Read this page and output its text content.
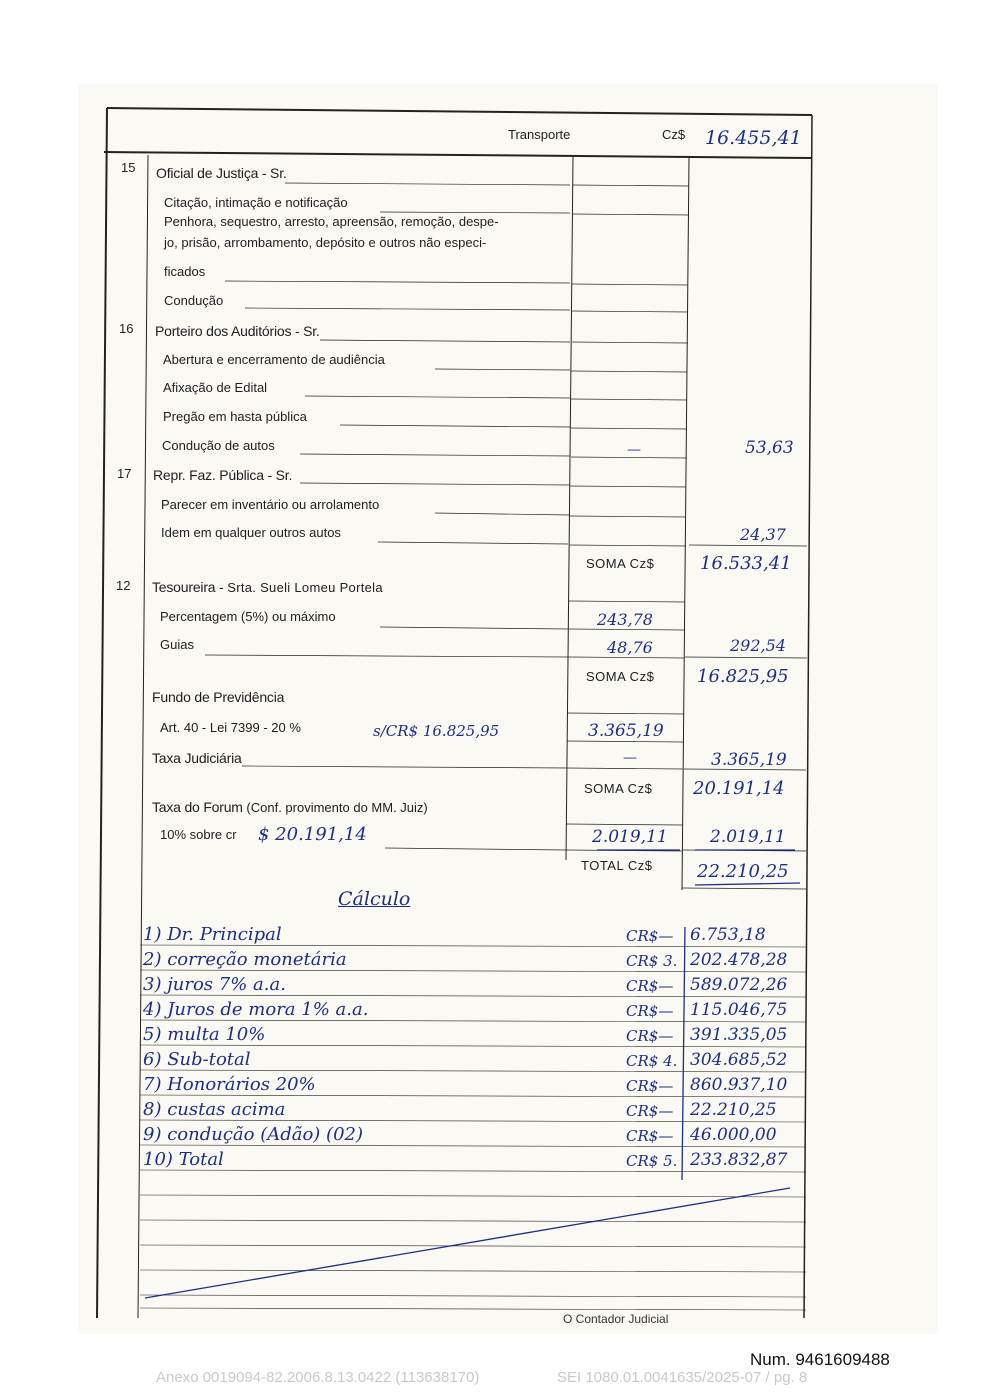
Transporte	Cz$ 16.455,41
15 Oficial de Justiça - Sr.
Citação, intimação e notificação
Penhora, sequestro, arresto, apreensão, remoção, despe-
jo, prisão, arrombamento, depósito e outros não especi-
ficados
Condução
16 Porteiro dos Auditórios - Sr.
Abertura e encerramento de audiência
Afixação de Edital
Pregão em hasta pública
Condução de autos	—	53,63
17 Repr. Faz. Pública - Sr.
Parecer em inventário ou arrolamento
Idem em qualquer outros autos	24,37
SOMA Cz$	16.533,41
12 Tesoureira - Srta. Sueli Lomeu Portela
Percentagem (5%) ou máximo	243,78
Guias	48,76	292,54
SOMA Cz$ 16.825,95
Fundo de Previdência
Art. 40 - Lei 7399 - 20 %	s/CR$ 16.825,95	3.365,19
Taxa Judiciária	—	3.365,19
SOMA Cz$ 20.191,14
Taxa do Forum (Conf. provimento do MM. Juiz)
10% sobre cr $ 20.191,14	2.019,11 2.019,11
TOTAL Cz$ 22.210,25
Cálculo
1) Dr. Principal	CR$— 6.753,18
2) correção monetária	CR$ 3. 202.478,28
3) juros 7% a.a.	CR$— 589.072,26
4) Juros de mora 1% a.a.	CR$— 115.046,75
5) multa 10%	CR$— 391.335,05
6) Sub-total	CR$ 4. 304.685,52
7) Honorários 20%	CR$— 860.937,10
8) custas acima	CR$— 22.210,25
9) condução (Adão) (02)	CR$— 46.000,00
10) Total	CR$ 5. 233.832,87
Num. 9461609488
Anexo 0019094-82.2006.8.13.0422 (113638170)	SEI 1080.01.0041635/2025-07 / pg. 8
